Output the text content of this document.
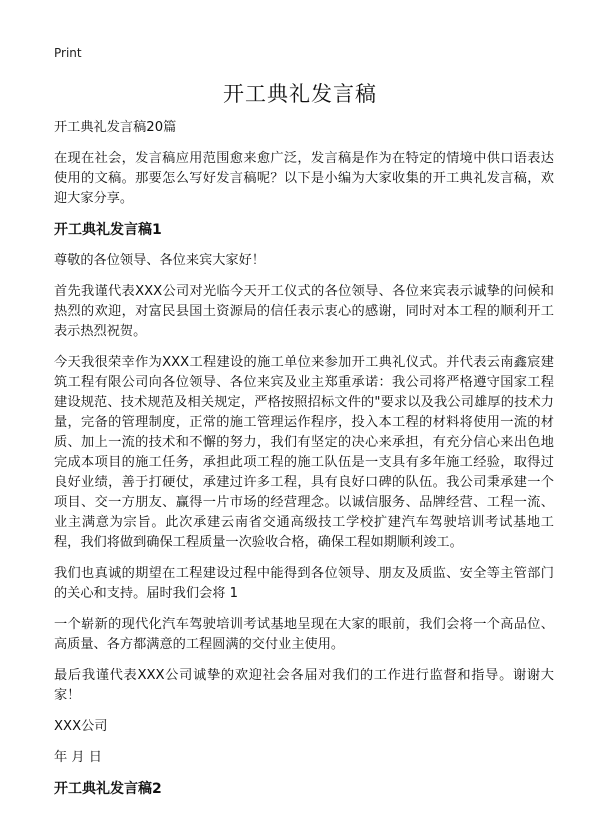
Print
开工典礼发言稿

开工典礼发言稿20篇

在现在社会，发言稿应用范围愈来愈广泛，发言稿是作为在特定的情境中供口语表达使用的文稿。那要怎么写好发言稿呢？以下是小编为大家收集的开工典礼发言稿，欢迎大家分享。

开工典礼发言稿1

尊敬的各位领导、各位来宾大家好！

首先我谨代表XXX公司对光临今天开工仪式的各位领导、各位来宾表示诚挚的问候和热烈的欢迎，对富民县国土资源局的信任表示衷心的感谢，同时对本工程的顺利开工表示热烈祝贺。

今天我很荣幸作为XXX工程建设的施工单位来参加开工典礼仪式。并代表云南鑫宸建筑工程有限公司向各位领导、各位来宾及业主郑重承诺：我公司将严格遵守国家工程建设规范、技术规范及相关规定，严格按照招标文件的"要求以及我公司雄厚的技术力量，完备的管理制度，正常的施工管理运作程序，投入本工程的材料将使用一流的材质、加上一流的技术和不懈的努力，我们有坚定的决心来承担，有充分信心来出色地完成本项目的施工任务，承担此项工程的施工队伍是一支具有多年施工经验，取得过良好业绩，善于打硬仗，承建过许多工程，具有良好口碑的队伍。我公司秉承建一个项目、交一方朋友、赢得一片市场的经营理念。以诚信服务、品牌经营、工程一流、业主满意为宗旨。此次承建云南省交通高级技工学校扩建汽车驾驶培训考试基地工程，我们将做到确保工程质量一次验收合格，确保工程如期顺利竣工。

我们也真诚的期望在工程建设过程中能得到各位领导、朋友及质监、安全等主管部门的关心和支持。届时我们会将 1

一个崭新的现代化汽车驾驶培训考试基地呈现在大家的眼前，我们会将一个高品位、高质量、各方都满意的工程圆满的交付业主使用。

最后我谨代表XXX公司诚挚的欢迎社会各届对我们的工作进行监督和指导。谢谢大家！

XXX公司

年 月 日

开工典礼发言稿2
